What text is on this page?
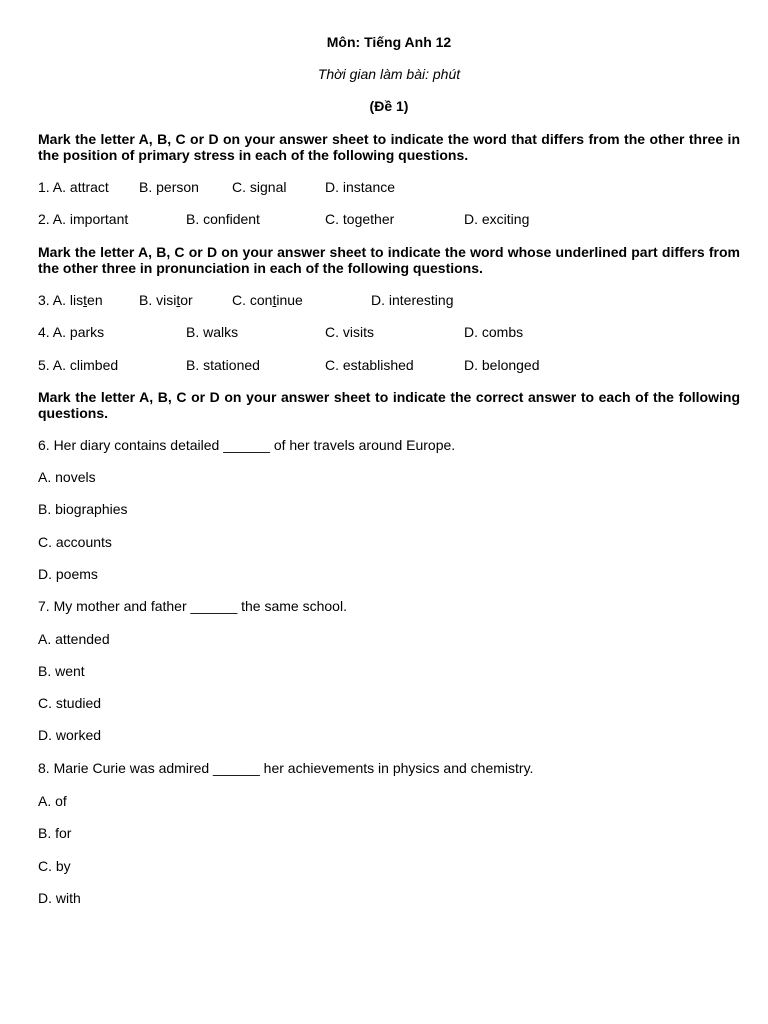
Môn: Tiếng Anh 12
Thời gian làm bài: phút
(Đề 1)
Mark the letter A, B, C or D on your answer sheet to indicate the word that differs from the other three in the position of primary stress in each of the following questions.
1. A. attract B. person C. signal	D. instance
2. A. important	B. confident	C. together	D. exciting
Mark the letter A, B, C or D on your answer sheet to indicate the word whose underlined part differs from the other three in pronunciation in each of the following questions.
3. A. listen	B. visitor	C. continue	D. interesting
4. A. parks	B. walks	C. visits	D. combs
5. A. climbed	B. stationed	C. established	D. belonged
Mark the letter A, B, C or D on your answer sheet to indicate the correct answer to each of the following questions.
6. Her diary contains detailed ______ of her travels around Europe.
A. novels
B. biographies
C. accounts
D. poems
7. My mother and father ______ the same school.
A. attended
B. went
C. studied
D. worked
8. Marie Curie was admired ______ her achievements in physics and chemistry.
A. of
B. for
C. by
D. with
